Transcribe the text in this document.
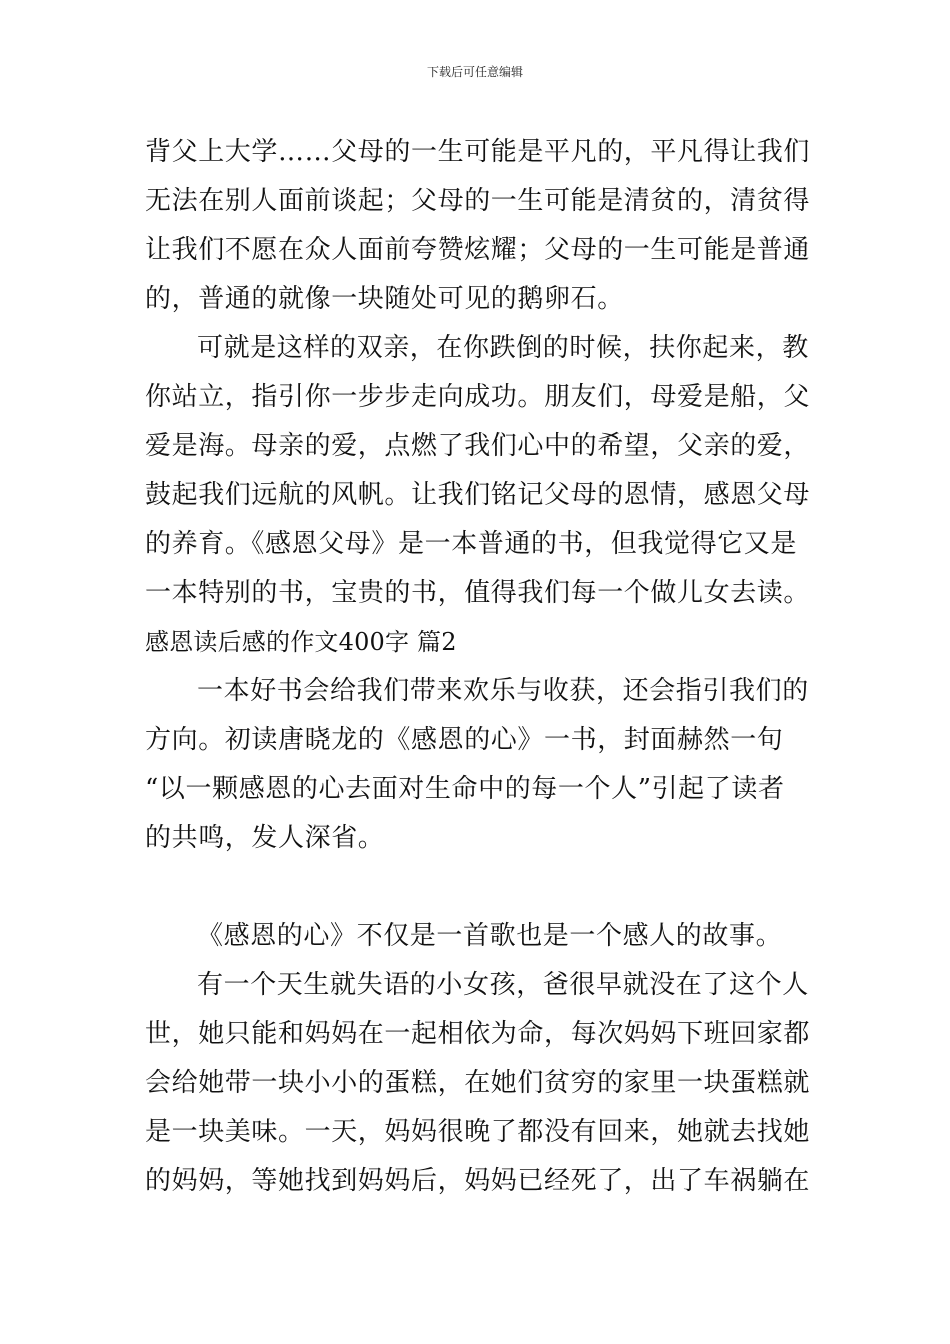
下载后可任意编辑
背父上大学……父母的一生可能是平凡的，平凡得让我们
无法在别人面前谈起；父母的一生可能是清贫的，清贫得
让我们不愿在众人面前夸赞炫耀；父母的一生可能是普通
的，普通的就像一块随处可见的鹅卵石。
可就是这样的双亲，在你跌倒的时候，扶你起来，教
你站立，指引你一步步走向成功。朋友们，母爱是船，父
爱是海。母亲的爱，点燃了我们心中的希望，父亲的爱，
鼓起我们远航的风帆。让我们铭记父母的恩情，感恩父母
的养育。《感恩父母》是一本普通的书，但我觉得它又是
一本特别的书，宝贵的书，值得我们每一个做儿女去读。
感恩读后感的作文400字 篇2
一本好书会给我们带来欢乐与收获，还会指引我们的
方向。初读唐晓龙的《感恩的心》一书，封面赫然一句
“以一颗感恩的心去面对生命中的每一个人”引起了读者
的共鸣，发人深省。
《感恩的心》不仅是一首歌也是一个感人的故事。
有一个天生就失语的小女孩，爸很早就没在了这个人
世，她只能和妈妈在一起相依为命，每次妈妈下班回家都
会给她带一块小小的蛋糕，在她们贫穷的家里一块蛋糕就
是一块美味。一天，妈妈很晚了都没有回来，她就去找她
的妈妈，等她找到妈妈后，妈妈已经死了，出了车祸躺在
